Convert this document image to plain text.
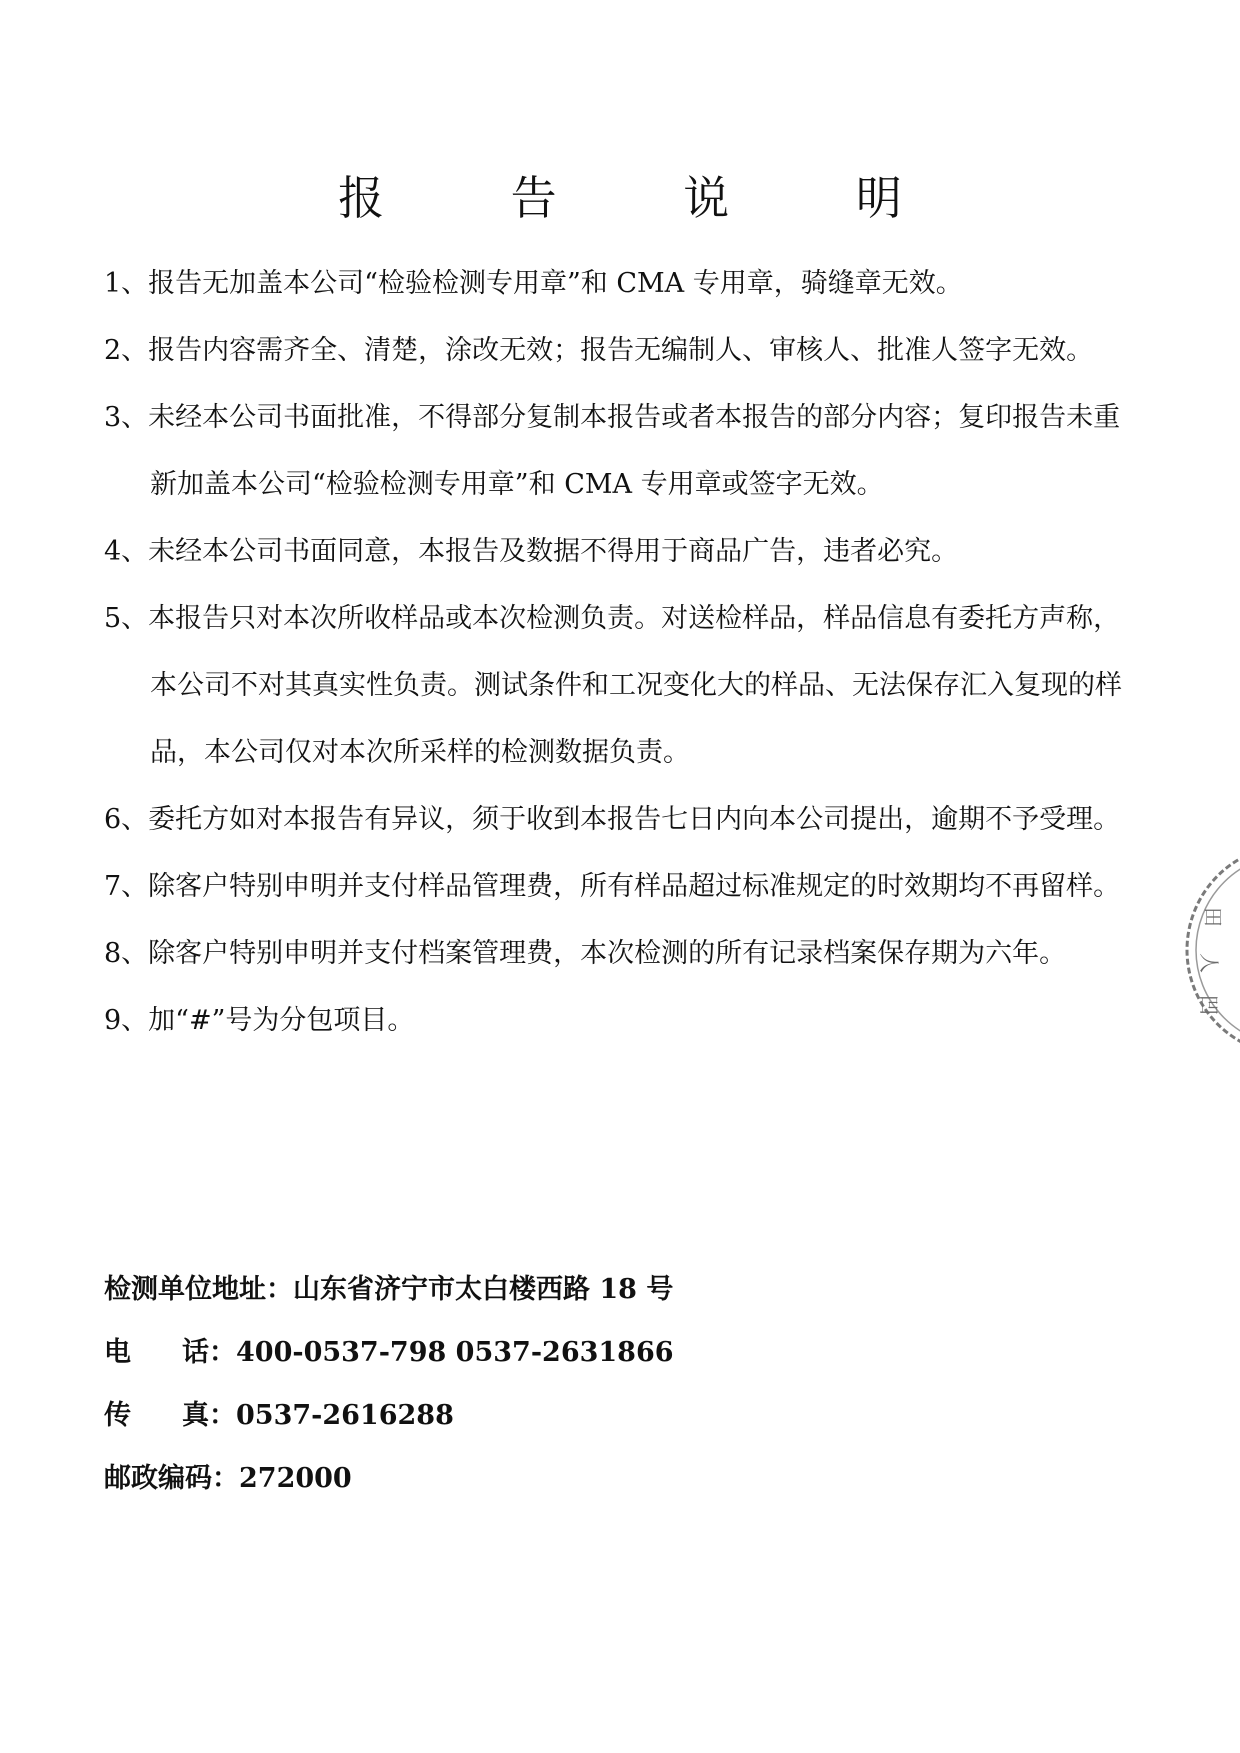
报 告 说 明
1、报告无加盖本公司“检验检测专用章”和 CMA 专用章，骑缝章无效。
2、报告内容需齐全、清楚，涂改无效；报告无编制人、审核人、批准人签字无效。
3、未经本公司书面批准，不得部分复制本报告或者本报告的部分内容；复印报告未重新加盖本公司“检验检测专用章”和 CMA 专用章或签字无效。
4、未经本公司书面同意，本报告及数据不得用于商品广告，违者必究。
5、本报告只对本次所收样品或本次检测负责。对送检样品，样品信息有委托方声称，本公司不对其真实性负责。测试条件和工况变化大的样品、无法保存汇入复现的样品，本公司仅对本次所采样的检测数据负责。
6、委托方如对本报告有异议，须于收到本报告七日内向本公司提出，逾期不予受理。
7、除客户特别申明并支付样品管理费，所有样品超过标准规定的时效期均不再留样。
8、除客户特别申明并支付档案管理费，本次检测的所有记录档案保存期为六年。
9、加“#”号为分包项目。
检测单位地址：山东省济宁市太白楼西路 18 号
电 话： 400-0537-798 0537-2631866
传 真： 0537-2616288
邮政编码：272000
田
人
凹
